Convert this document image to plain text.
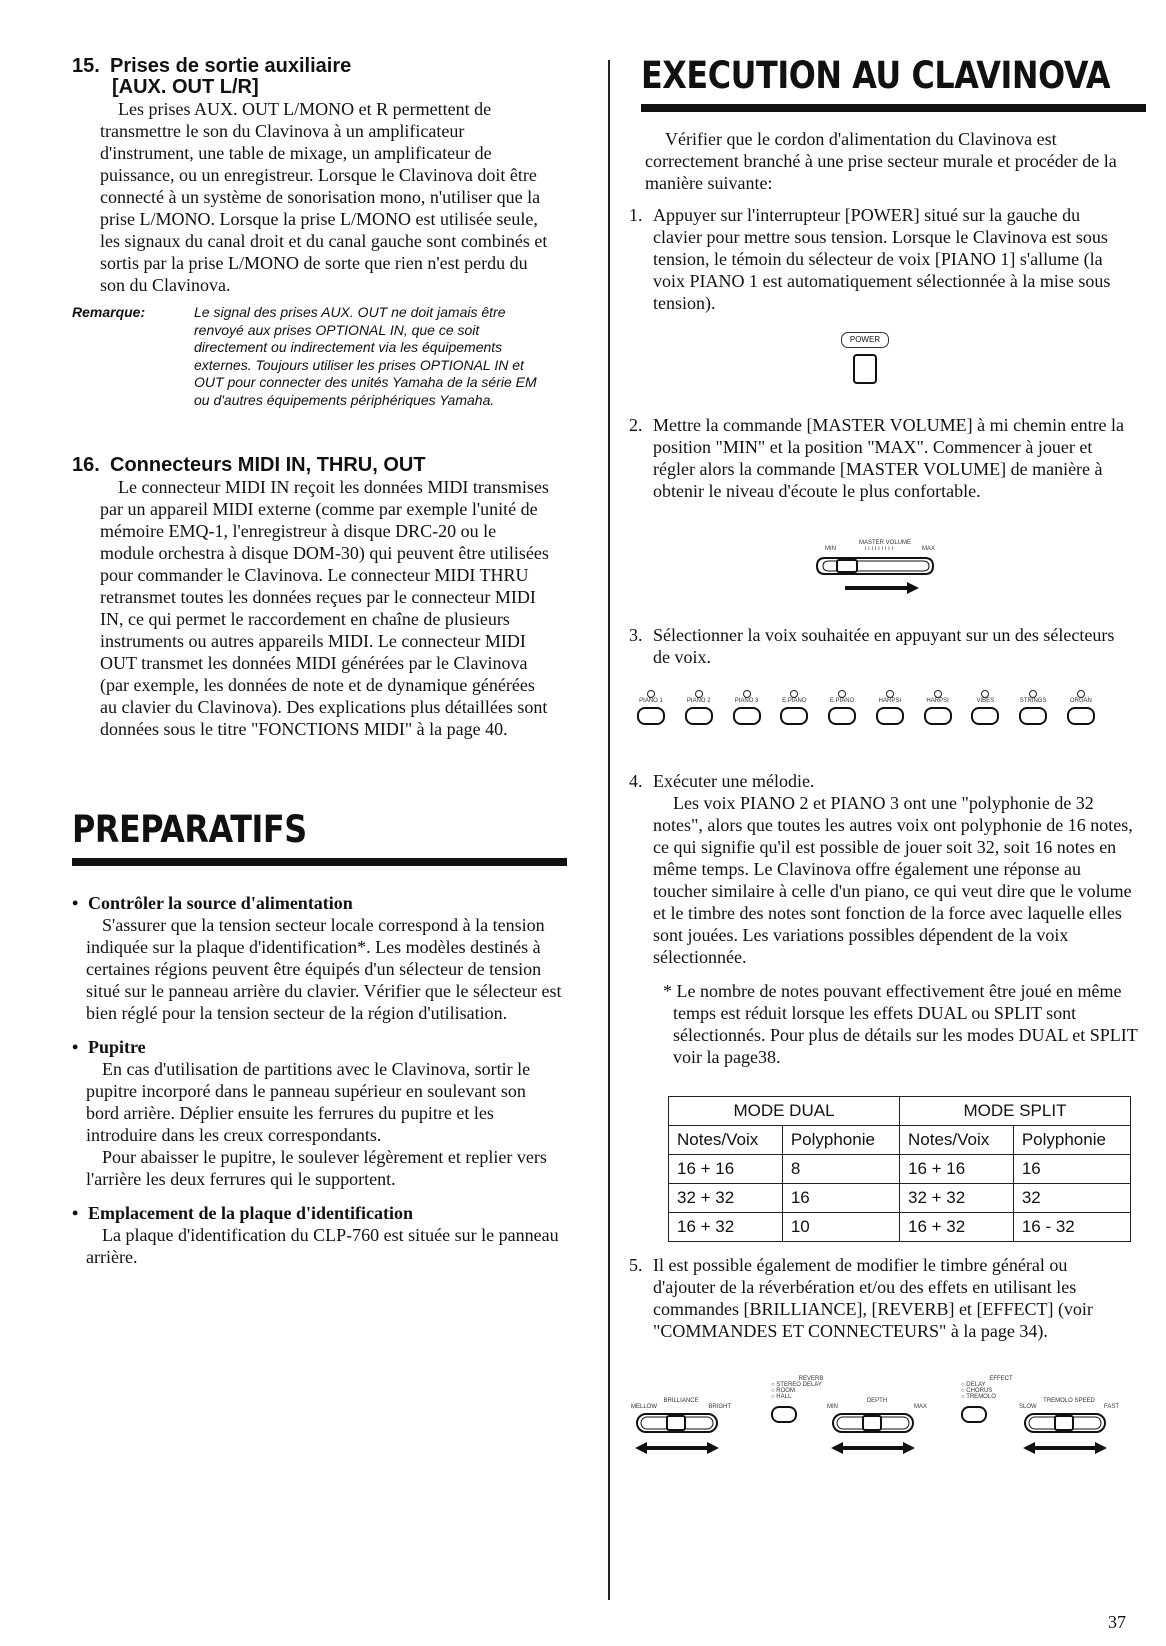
15. Prises de sortie auxiliaire
[AUX. OUT L/R]

Les prises AUX. OUT L/MONO et R permettent de transmettre le son du Clavinova à un amplificateur d'instrument, une table de mixage, un amplificateur de puissance, ou un enregistreur. Lorsque le Clavinova doit être connecté à un système de sonorisation mono, n'utiliser que la prise L/MONO. Lorsque la prise L/MONO est utilisée seule, les signaux du canal droit et du canal gauche sont combinés et sortis par la prise L/MONO de sorte que rien n'est perdu du son du Clavinova.

Remarque:	Le signal des prises AUX. OUT ne doit jamais être renvoyé aux prises OPTIONAL IN, que ce soit directement ou indirectement via les équipements externes. Toujours utiliser les prises OPTIONAL IN et OUT pour connecter des unités Yamaha de la série EM ou d'autres équipements périphériques Yamaha.
16. Connecteurs MIDI IN, THRU, OUT

Le connecteur MIDI IN reçoit les données MIDI transmises par un appareil MIDI externe (comme par exemple l'unité de mémoire EMQ-1, l'enregistreur à disque DRC-20 ou le module orchestra à disque DOM-30) qui peuvent être utilisées pour commander le Clavinova. Le connecteur MIDI THRU retransmet toutes les données reçues par le connecteur MIDI IN, ce qui permet le raccordement en chaîne de plusieurs instruments ou autres appareils MIDI. Le connecteur MIDI OUT transmet les données MIDI générées par le Clavinova (par exemple, les données de note et de dynamique générées au clavier du Clavinova). Des explications plus détaillées sont données sous le titre "FONCTIONS MIDI" à la page 40.

PREPARATIFS
• Contrôler la source d'alimentation

S'assurer que la tension secteur locale correspond à la tension indiquée sur la plaque d'identification*. Les modèles destinés à certaines régions peuvent être équipés d'un sélecteur de tension situé sur le panneau arrière du clavier. Vérifier que le sélecteur est bien réglé pour la tension secteur de la région d'utilisation.

• Pupitre

En cas d'utilisation de partitions avec le Clavinova, sortir le pupitre incorporé dans le panneau supérieur en soulevant son bord arrière. Déplier ensuite les ferrures du pupitre et les introduire dans les creux correspondants.

Pour abaisser le pupitre, le soulever légèrement et replier vers l'arrière les deux ferrures qui le supportent.

• Emplacement de la plaque d'identification

La plaque d'identification du CLP-760 est située sur le panneau arrière.

EXECUTION AU CLAVINOVA

Vérifier que le cordon d'alimentation du Clavinova est correctement branché à une prise secteur murale et procéder de la manière suivante:

1. Appuyer sur l'interrupteur [POWER] situé sur la gauche du clavier pour mettre sous tension. Lorsque le Clavinova est sous tension, le témoin du sélecteur de voix [PIANO 1] s'allume (la voix PIANO 1 est automatiquement sélectionnée à la mise sous tension).
POWER
2. Mettre la commande [MASTER VOLUME] à mi chemin entre la position "MIN" et la position "MAX". Commencer à jouer et régler alors la commande [MASTER VOLUME] de manière à obtenir le niveau d'écoute le plus confortable.
MASTER VOLUME
MIN	ı ı ı ı ı ı ı ı ı	MAX
3. Sélectionner la voix souhaitée en appuyant sur un des sélecteurs de voix.
PIANO 1	PIANO 2	PIANO 3	E.PIANO	E.PIANO	HARPSI	HARPSI	VIBES	STRINGS	ORGAN
4. Exécuter une mélodie.

Les voix PIANO 2 et PIANO 3 ont une "polyphonie de 32 notes", alors que toutes les autres voix ont polyphonie de 16 notes, ce qui signifie qu'il est possible de jouer soit 32, soit 16 notes en même temps. Le Clavinova offre également une réponse au toucher similaire à celle d'un piano, ce qui veut dire que le volume et le timbre des notes sont fonction de la force avec laquelle elles sont jouées. Les variations possibles dépendent de la voix sélectionnée.

* Le nombre de notes pouvant effectivement être joué en même temps est réduit lorsque les effets DUAL ou SPLIT sont sélectionnés. Pour plus de détails sur les modes DUAL et SPLIT voir la page38.

MODE DUAL		MODE SPLIT	
Notes/Voix	Polyphonie	Notes/Voix	Polyphonie
16 + 16	8	16 + 16	16
32 + 32	16	32 + 32	32
16 + 32	10	16 + 32	16 - 32
5. Il est possible également de modifier le timbre général ou d'ajouter de la réverbération et/ou des effets en utilisant les commandes [BRILLIANCE], [REVERB] et [EFFECT] (voir "COMMANDES ET CONNECTEURS" à la page 34).
BRILLIANCE
MELLOW	BRIGHT
REVERB
○ STEREO DELAY
○ ROOM
○ HALL
DEPTH
MIN	MAX
EFFECT
○ DELAY
○ CHORUS
○ TREMOLO
TREMOLO SPEED
SLOW	FAST
37
